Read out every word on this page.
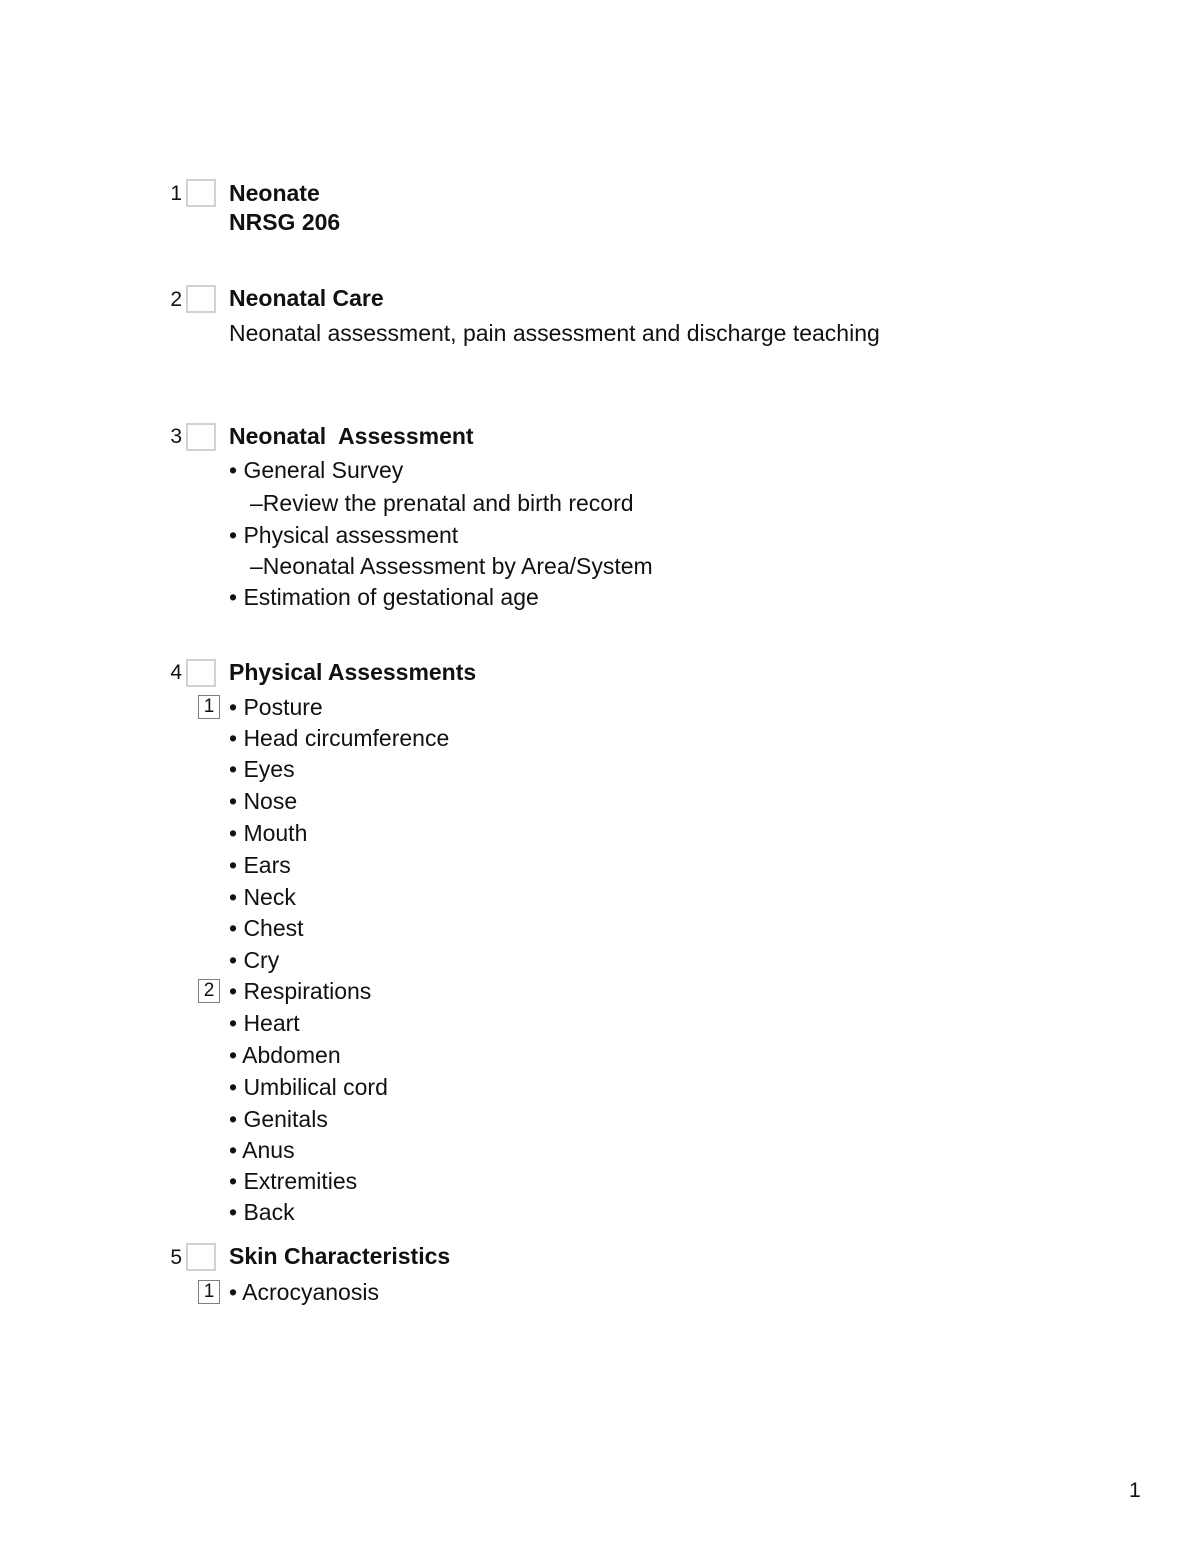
1 Neonate
NRSG 206
2 Neonatal Care
Neonatal assessment, pain assessment and discharge teaching
3 Neonatal  Assessment
• General Survey
–Review the prenatal and birth record
• Physical assessment
–Neonatal Assessment by Area/System
• Estimation of gestational age
4 Physical Assessments
1 • Posture
• Head circumference
• Eyes
• Nose
• Mouth
• Ears
• Neck
• Chest
• Cry
2 • Respirations
• Heart
• Abdomen
• Umbilical cord
• Genitals
• Anus
• Extremities
• Back
5 Skin Characteristics
1 • Acrocyanosis
1
